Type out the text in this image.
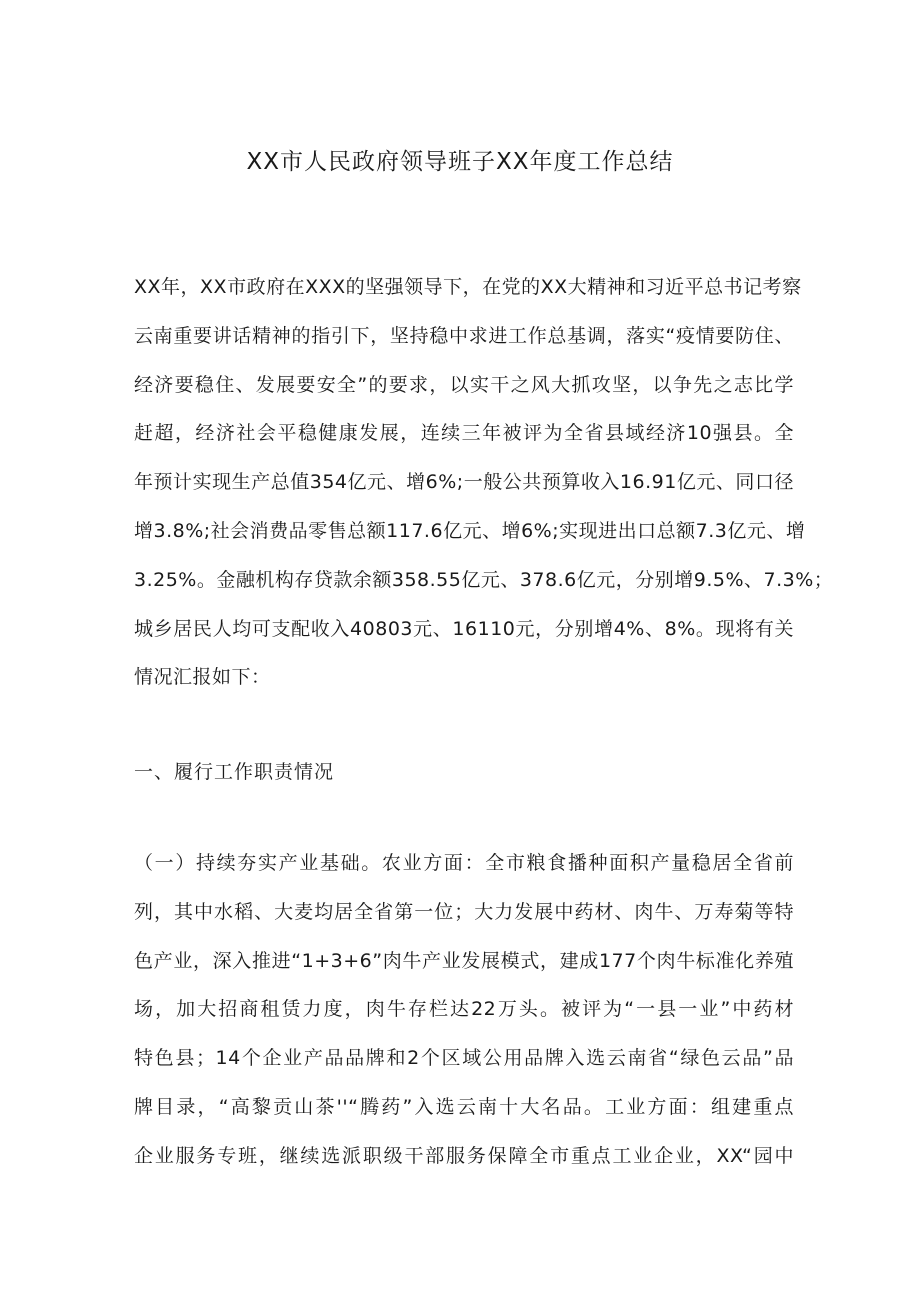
XX市人民政府领导班子XX年度工作总结
XX年，XX市政府在XXX的坚强领导下，在党的XX大精神和习近平总书记考察
云南重要讲话精神的指引下，坚持稳中求进工作总基调，落实“疫情要防住、
经济要稳住、发展要安全”的要求，以实干之风大抓攻坚，以争先之志比学
赶超，经济社会平稳健康发展，连续三年被评为全省县域经济10强县。全
年预计实现生产总值354亿元、增6%;一般公共预算收入16.91亿元、同口径
增3.8%;社会消费品零售总额117.6亿元、增6%;实现进出口总额7.3亿元、增
3.25%。金融机构存贷款余额358.55亿元、378.6亿元，分别增9.5%、7.3%；
城乡居民人均可支配收入40803元、16110元，分别增4%、8%。现将有关
情况汇报如下：
一、履行工作职责情况
（一）持续夯实产业基础。农业方面：全市粮食播种面积产量稳居全省前
列，其中水稻、大麦均居全省第一位；大力发展中药材、肉牛、万寿菊等特
色产业，深入推进“1+3+6”肉牛产业发展模式，建成177个肉牛标准化养殖
场，加大招商租赁力度，肉牛存栏达22万头。被评为“一县一业”中药材
特色县；14个企业产品品牌和2个区域公用品牌入选云南省“绿色云品”品
牌目录，“高黎贡山茶''“腾药”入选云南十大名品。工业方面：组建重点
企业服务专班，继续选派职级干部服务保障全市重点工业企业，XX“园中
